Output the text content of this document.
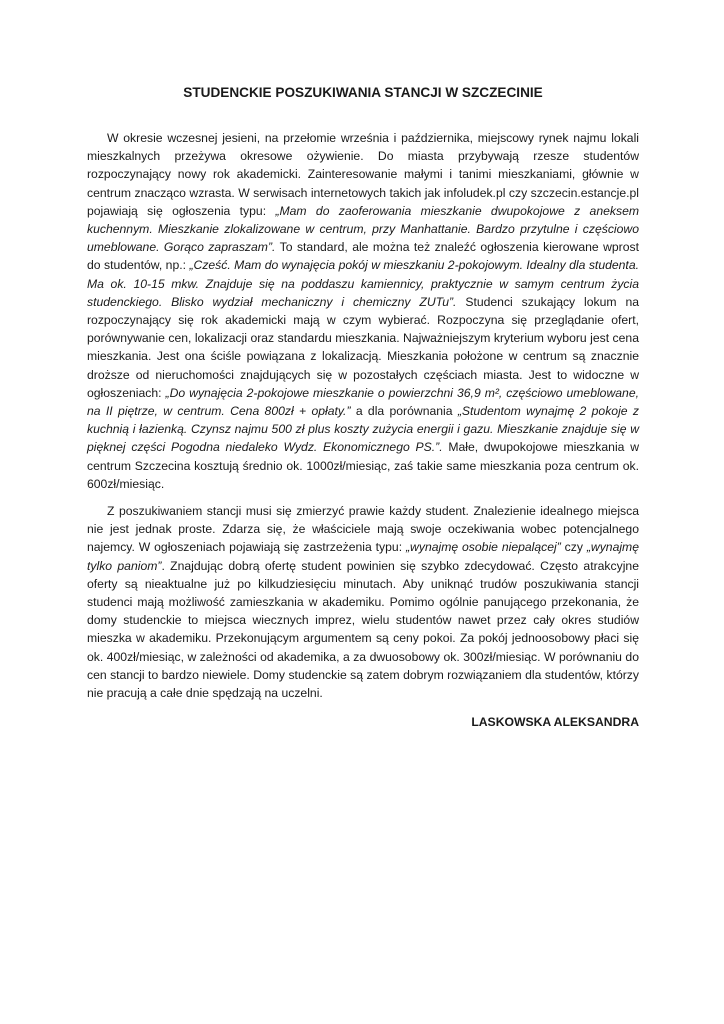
STUDENCKIE POSZUKIWANIA STANCJI W SZCZECINIE

W okresie wczesnej jesieni, na przełomie września i października, miejscowy rynek najmu lokali mieszkalnych przeżywa okresowe ożywienie. Do miasta przybywają rzesze studentów rozpoczynający nowy rok akademicki. Zainteresowanie małymi i tanimi mieszkaniami, głównie w centrum znacząco wzrasta. W serwisach internetowych takich jak infoludek.pl czy szczecin.estancje.pl pojawiają się ogłoszenia typu: „Mam do zaoferowania mieszkanie dwupokojowe z aneksem kuchennym. Mieszkanie zlokalizowane w centrum, przy Manhattanie. Bardzo przytulne i częściowo umeblowane. Gorąco zapraszam”. To standard, ale można też znaleźć ogłoszenia kierowane wprost do studentów, np.: „Cześć. Mam do wynajęcia pokój w mieszkaniu 2-pokojowym. Idealny dla studenta. Ma ok. 10-15 mkw. Znajduje się na poddaszu kamiennicy, praktycznie w samym centrum życia studenckiego. Blisko wydział mechaniczny i chemiczny ZUTu”. Studenci szukający lokum na rozpoczynający się rok akademicki mają w czym wybierać. Rozpoczyna się przeglądanie ofert, porównywanie cen, lokalizacji oraz standardu mieszkania. Najważniejszym kryterium wyboru jest cena mieszkania. Jest ona ściśle powiązana z lokalizacją. Mieszkania położone w centrum są znacznie droższe od nieruchomości znajdujących się w pozostałych częściach miasta. Jest to widoczne w ogłoszeniach: „Do wynajęcia 2-pokojowe mieszkanie o powierzchni 36,9 m², częściowo umeblowane, na II piętrze, w centrum. Cena 800zł + opłaty.” a dla porównania „Studentom wynajmę 2 pokoje z kuchnią i łazienką. Czynsz najmu 500 zł plus koszty zużycia energii i gazu. Mieszkanie znajduje się w pięknej części Pogodna niedaleko Wydz. Ekonomicznego PS.”. Małe, dwupokojowe mieszkania w centrum Szczecina kosztują średnio ok. 1000zł/miesiąc, zaś takie same mieszkania poza centrum ok. 600zł/miesiąc.

Z poszukiwaniem stancji musi się zmierzyć prawie każdy student. Znalezienie idealnego miejsca nie jest jednak proste. Zdarza się, że właściciele mają swoje oczekiwania wobec potencjalnego najemcy. W ogłoszeniach pojawiają się zastrzeżenia typu: „wynajmę osobie niepalącej” czy „wynajmę tylko paniom”. Znajdując dobrą ofertę student powinien się szybko zdecydować. Często atrakcyjne oferty są nieaktualne już po kilkudziesięciu minutach. Aby uniknąć trudów poszukiwania stancji studenci mają możliwość zamieszkania w akademiku. Pomimo ogólnie panującego przekonania, że domy studenckie to miejsca wiecznych imprez, wielu studentów nawet przez cały okres studiów mieszka w akademiku. Przekonującym argumentem są ceny pokoi. Za pokój jednoosobowy płaci się ok. 400zł/miesiąc, w zależności od akademika, a za dwuosobowy ok. 300zł/miesiąc. W porównaniu do cen stancji to bardzo niewiele. Domy studenckie są zatem dobrym rozwiązaniem dla studentów, którzy nie pracują a całe dnie spędzają na uczelni.

LASKOWSKA ALEKSANDRA
